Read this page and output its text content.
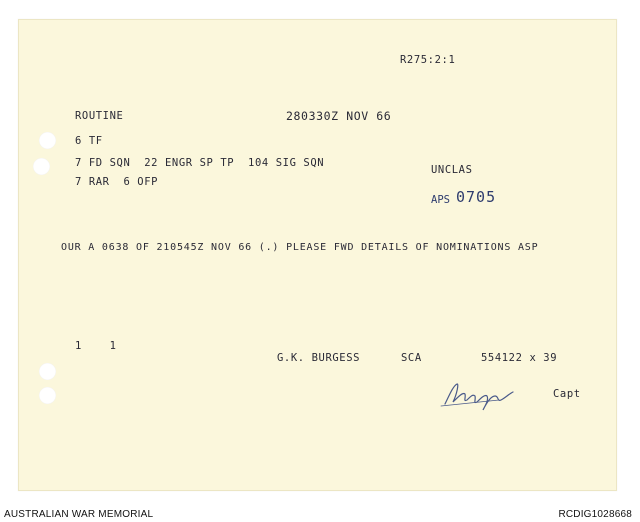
R275:2:1
ROUTINE	280330Z NOV 66
6 TF
7 FD SQN  22 ENGR SP TP  104 SIG SQN
UNCLAS
7 RAR  6 OFP
APS 0705
OUR A 0638 OF 210545Z NOV 66 (.) PLEASE FWD DETAILS OF NOMINATIONS ASP
1    1
G.K. BURGESS	SCA	554122 x 39
Capt
AUSTRALIAN WAR MEMORIAL	RCDIG1028668
